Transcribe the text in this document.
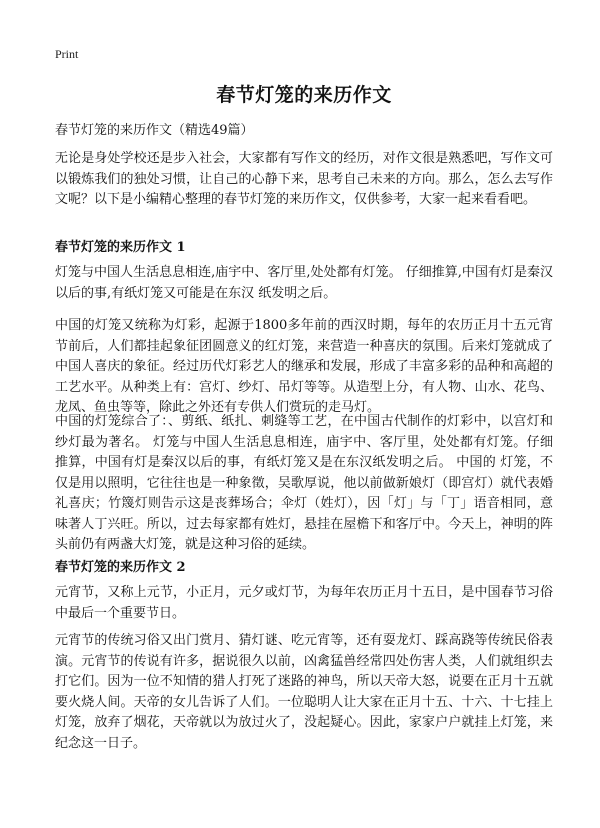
Print
春节灯笼的来历作文
春节灯笼的来历作文（精选49篇）

无论是身处学校还是步入社会，大家都有写作文的经历，对作文很是熟悉吧，写作文可以锻炼我们的独处习惯，让自己的心静下来，思考自己未来的方向。那么，怎么去写作文呢？以下是小编精心整理的春节灯笼的来历作文，仅供参考，大家一起来看看吧。

春节灯笼的来历作文 1

灯笼与中国人生活息息相连,庙宇中、客厅里,处处都有灯笼。 仔细推算,中国有灯是秦汉以后的事,有纸灯笼又可能是在东汉 纸发明之后。

中国的灯笼又统称为灯彩，起源于1800多年前的西汉时期，每年的农历正月十五元宵节前后，人们都挂起象征团圆意义的红灯笼，来营造一种喜庆的氛围。后来灯笼就成了中国人喜庆的象征。经过历代灯彩艺人的继承和发展，形成了丰富多彩的品种和高超的工艺水平。从种类上有：宫灯、纱灯、吊灯等等。从造型上分，有人物、山水、花鸟、龙凤、鱼虫等等，除此之外还有专供人们赏玩的走马灯。

中国的灯笼综合了：、剪纸、纸扎、刺缝等工艺，在中国古代制作的灯彩中，以宫灯和纱灯最为著名。 灯笼与中国人生活息息相连，庙宇中、客厅里，处处都有灯笼。仔细推算，中国有灯是秦汉以后的事，有纸灯笼又是在东汉纸发明之后。 中国的 灯笼，不仅是用以照明，它往往也是一种象徵，吴歌厚说，他以前做新娘灯（即宫灯）就代表婚礼喜庆；竹篾灯则告示这是丧葬场合；伞灯（姓灯），因「灯」与「丁」语音相同，意味著人丁兴旺。所以，过去每家都有姓灯，悬挂在屋檐下和客厅中。今天上，神明的阵头前仍有两盏大灯笼，就是这种习俗的延续。

春节灯笼的来历作文 2

元宵节，又称上元节，小正月，元夕或灯节，为每年农历正月十五日，是中国春节习俗中最后一个重要节日。

元宵节的传统习俗又出门赏月、猜灯谜、吃元宵等，还有耍龙灯、踩高跷等传统民俗表演。元宵节的传说有许多，据说很久以前，凶禽猛兽经常四处伤害人类，人们就组织去打它们。因为一位不知情的猎人打死了迷路的神鸟，所以天帝大怒，说要在正月十五就要火烧人间。天帝的女儿告诉了人们。一位聪明人让大家在正月十五、十六、十七挂上灯笼，放弃了烟花，天帝就以为放过火了，没起疑心。因此，家家户户就挂上灯笼，来纪念这一日子。
